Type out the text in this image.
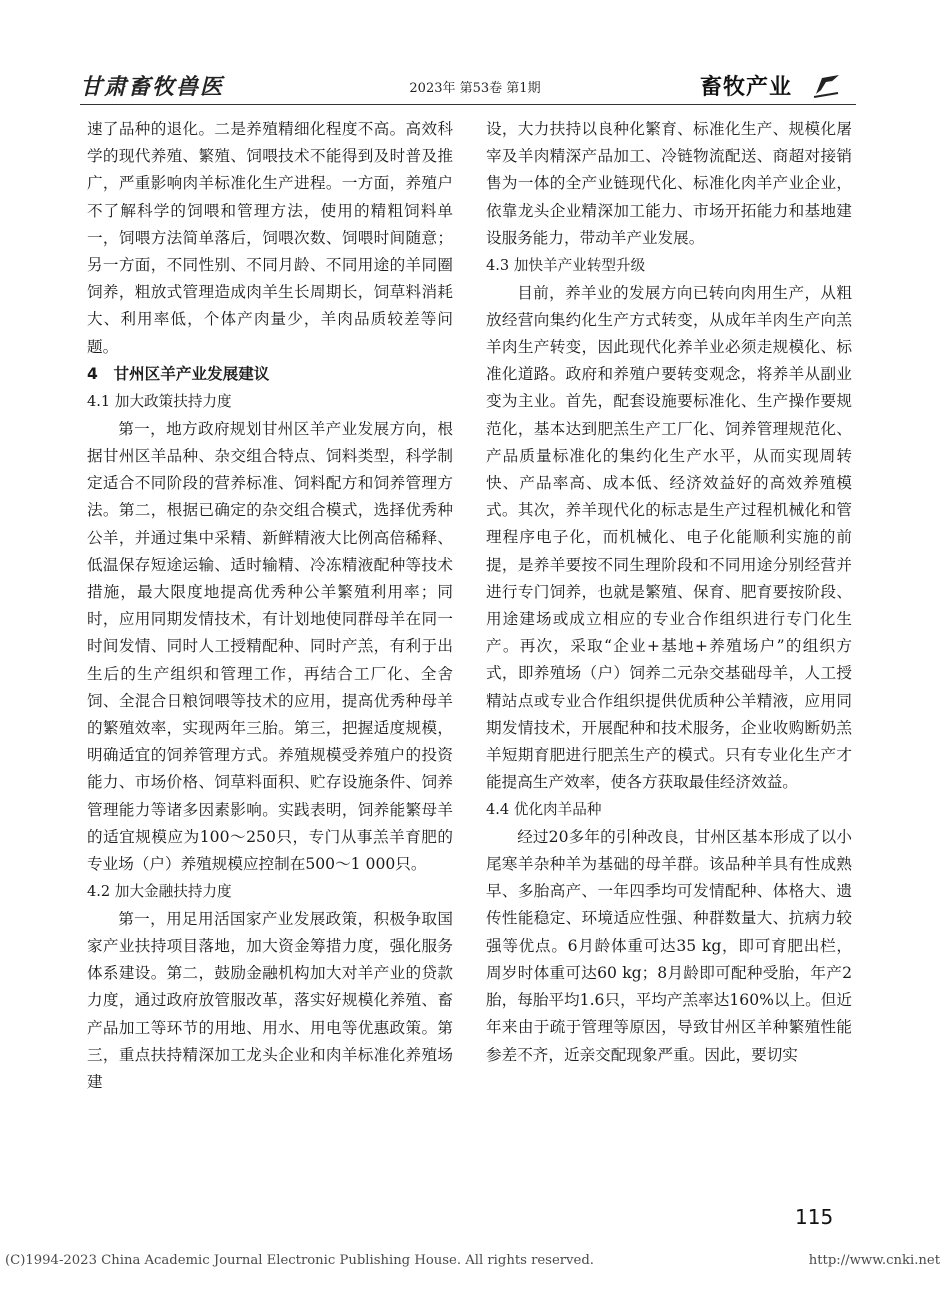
甘肃畜牧兽医	2023年 第53卷 第1期	畜牧产业

速了品种的退化。二是养殖精细化程度不高。高效科学的现代养殖、繁殖、饲喂技术不能得到及时普及推广，严重影响肉羊标准化生产进程。一方面，养殖户不了解科学的饲喂和管理方法，使用的精粗饲料单一，饲喂方法简单落后，饲喂次数、饲喂时间随意；另一方面，不同性别、不同月龄、不同用途的羊同圈饲养，粗放式管理造成肉羊生长周期长，饲草料消耗大、利用率低，个体产肉量少，羊肉品质较差等问题。

4　甘州区羊产业发展建议
4.1 加大政策扶持力度

第一，地方政府规划甘州区羊产业发展方向，根据甘州区羊品种、杂交组合特点、饲料类型，科学制定适合不同阶段的营养标准、饲料配方和饲养管理方法。第二，根据已确定的杂交组合模式，选择优秀种公羊，并通过集中采精、新鲜精液大比例高倍稀释、低温保存短途运输、适时输精、冷冻精液配种等技术措施，最大限度地提高优秀种公羊繁殖利用率；同时，应用同期发情技术，有计划地使同群母羊在同一时间发情、同时人工授精配种、同时产羔，有利于出生后的生产组织和管理工作，再结合工厂化、全舍饲、全混合日粮饲喂等技术的应用，提高优秀种母羊的繁殖效率，实现两年三胎。第三，把握适度规模，明确适宜的饲养管理方式。养殖规模受养殖户的投资能力、市场价格、饲草料面积、贮存设施条件、饲养管理能力等诸多因素影响。实践表明，饲养能繁母羊的适宜规模应为100～250只，专门从事羔羊育肥的专业场（户）养殖规模应控制在500～1 000只。

4.2 加大金融扶持力度

第一，用足用活国家产业发展政策，积极争取国家产业扶持项目落地，加大资金筹措力度，强化服务体系建设。第二，鼓励金融机构加大对羊产业的贷款力度，通过政府放管服改革，落实好规模化养殖、畜产品加工等环节的用地、用水、用电等优惠政策。第三，重点扶持精深加工龙头企业和肉羊标准化养殖场建

设，大力扶持以良种化繁育、标准化生产、规模化屠宰及羊肉精深产品加工、冷链物流配送、商超对接销售为一体的全产业链现代化、标准化肉羊产业企业，依靠龙头企业精深加工能力、市场开拓能力和基地建设服务能力，带动羊产业发展。

4.3 加快羊产业转型升级

目前，养羊业的发展方向已转向肉用生产，从粗放经营向集约化生产方式转变，从成年羊肉生产向羔羊肉生产转变，因此现代化养羊业必须走规模化、标准化道路。政府和养殖户要转变观念，将养羊从副业变为主业。首先，配套设施要标准化、生产操作要规范化，基本达到肥羔生产工厂化、饲养管理规范化、产品质量标准化的集约化生产水平，从而实现周转快、产品率高、成本低、经济效益好的高效养殖模式。其次，养羊现代化的标志是生产过程机械化和管理程序电子化，而机械化、电子化能顺利实施的前提，是养羊要按不同生理阶段和不同用途分别经营并进行专门饲养，也就是繁殖、保育、肥育要按阶段、用途建场或成立相应的专业合作组织进行专门化生产。再次，采取“企业+基地+养殖场户”的组织方式，即养殖场（户）饲养二元杂交基础母羊，人工授精站点或专业合作组织提供优质种公羊精液，应用同期发情技术，开展配种和技术服务，企业收购断奶羔羊短期育肥进行肥羔生产的模式。只有专业化生产才能提高生产效率，使各方获取最佳经济效益。

4.4 优化肉羊品种

经过20多年的引种改良，甘州区基本形成了以小尾寒羊杂种羊为基础的母羊群。该品种羊具有性成熟早、多胎高产、一年四季均可发情配种、体格大、遗传性能稳定、环境适应性强、种群数量大、抗病力较强等优点。6月龄体重可达35 kg，即可育肥出栏，周岁时体重可达60 kg；8月龄即可配种受胎，年产2胎，每胎平均1.6只，平均产羔率达160%以上。但近年来由于疏于管理等原因，导致甘州区羊种繁殖性能参差不齐，近亲交配现象严重。因此，要切实

115
(C)1994-2023 China Academic Journal Electronic Publishing House. All rights reserved.	http://www.cnki.net
